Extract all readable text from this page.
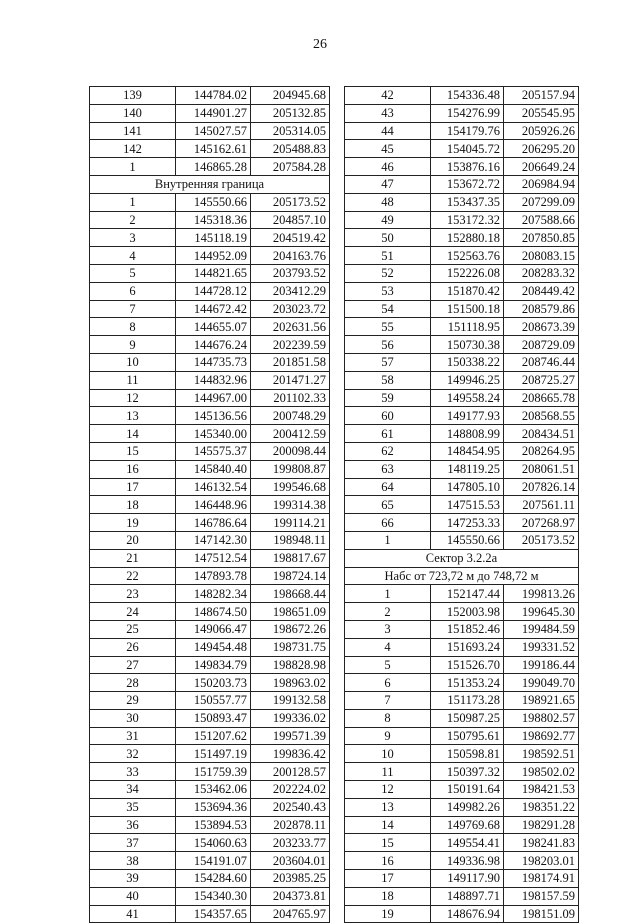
26
139	144784.02	204945.68
140	144901.27	205132.85
141	145027.57	205314.05
142	145162.61	205488.83
1	146865.28	207584.28
Внутренняя граница		
1	145550.66	205173.52
2	145318.36	204857.10
3	145118.19	204519.42
4	144952.09	204163.76
5	144821.65	203793.52
6	144728.12	203412.29
7	144672.42	203023.72
8	144655.07	202631.56
9	144676.24	202239.59
10	144735.73	201851.58
11	144832.96	201471.27
12	144967.00	201102.33
13	145136.56	200748.29
14	145340.00	200412.59
15	145575.37	200098.44
16	145840.40	199808.87
17	146132.54	199546.68
18	146448.96	199314.38
19	146786.64	199114.21
20	147142.30	198948.11
21	147512.54	198817.67
22	147893.78	198724.14
23	148282.34	198668.44
24	148674.50	198651.09
25	149066.47	198672.26
26	149454.48	198731.75
27	149834.79	198828.98
28	150203.73	198963.02
29	150557.77	199132.58
30	150893.47	199336.02
31	151207.62	199571.39
32	151497.19	199836.42
33	151759.39	200128.57
34	153462.06	202224.02
35	153694.36	202540.43
36	153894.53	202878.11
37	154060.63	203233.77
38	154191.07	203604.01
39	154284.60	203985.25
40	154340.30	204373.81
41	154357.65	204765.97
42	154336.48	205157.94
43	154276.99	205545.95
44	154179.76	205926.26
45	154045.72	206295.20
46	153876.16	206649.24
47	153672.72	206984.94
48	153437.35	207299.09
49	153172.32	207588.66
50	152880.18	207850.85
51	152563.76	208083.15
52	152226.08	208283.32
53	151870.42	208449.42
54	151500.18	208579.86
55	151118.95	208673.39
56	150730.38	208729.09
57	150338.22	208746.44
58	149946.25	208725.27
59	149558.24	208665.78
60	149177.93	208568.55
61	148808.99	208434.51
62	148454.95	208264.95
63	148119.25	208061.51
64	147805.10	207826.14
65	147515.53	207561.11
66	147253.33	207268.97
1	145550.66	205173.52
Сектор 3.2.2а		
Набс от 723,72 м до 748,72 м		
1	152147.44	199813.26
2	152003.98	199645.30
3	151852.46	199484.59
4	151693.24	199331.52
5	151526.70	199186.44
6	151353.24	199049.70
7	151173.28	198921.65
8	150987.25	198802.57
9	150795.61	198692.77
10	150598.81	198592.51
11	150397.32	198502.02
12	150191.64	198421.53
13	149982.26	198351.22
14	149769.68	198291.28
15	149554.41	198241.83
16	149336.98	198203.01
17	149117.90	198174.91
18	148897.71	198157.59
19	148676.94	198151.09
